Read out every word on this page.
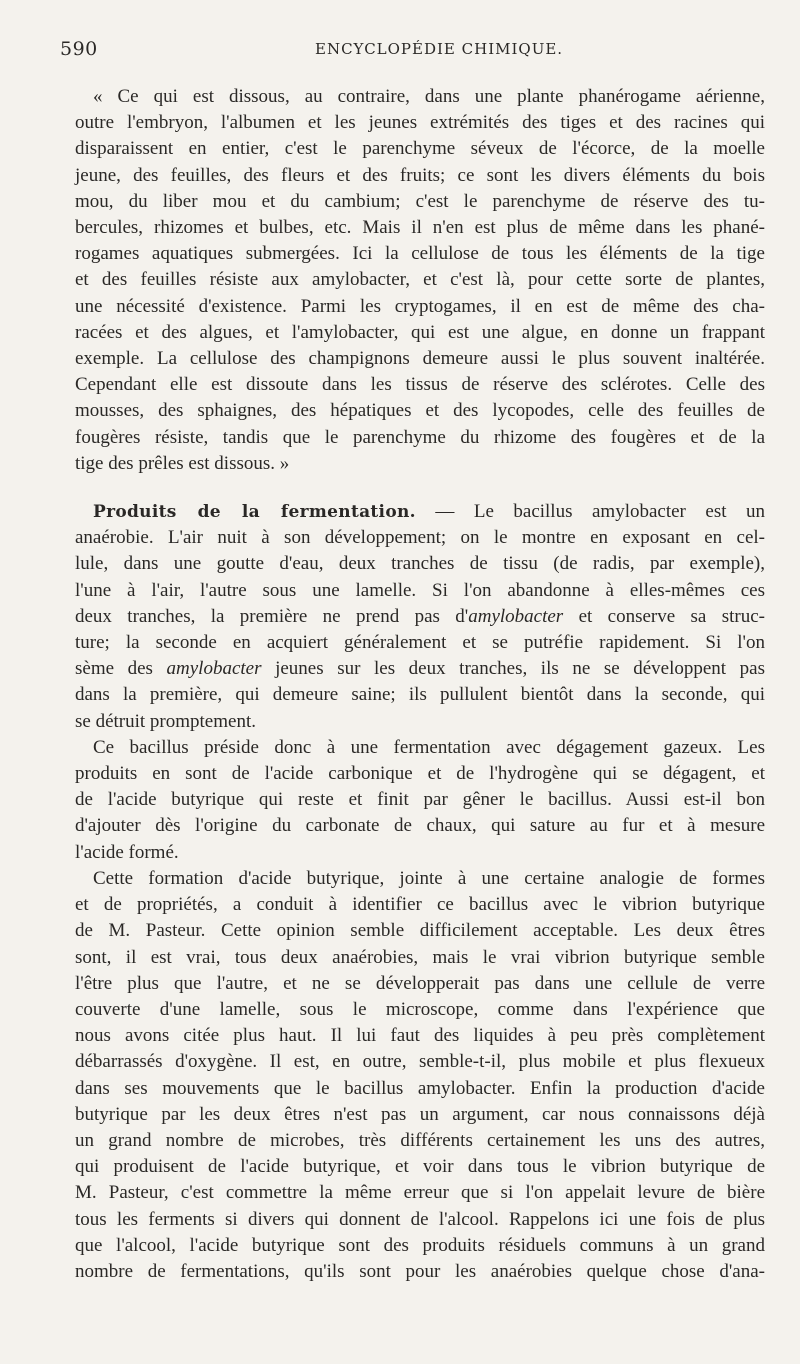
590	ENCYCLOPÉDIE CHIMIQUE.

« Ce qui est dissous, au contraire, dans une plante phanérogame aérienne,
outre l'embryon, l'albumen et les jeunes extrémités des tiges et des racines qui
disparaissent en entier, c'est le parenchyme séveux de l'écorce, de la moelle
jeune, des feuilles, des fleurs et des fruits; ce sont les divers éléments du bois
mou, du liber mou et du cambium; c'est le parenchyme de réserve des tu-
bercules, rhizomes et bulbes, etc. Mais il n'en est plus de même dans les phané-
rogames aquatiques submergées. Ici la cellulose de tous les éléments de la tige
et des feuilles résiste aux amylobacter, et c'est là, pour cette sorte de plantes,
une nécessité d'existence. Parmi les cryptogames, il en est de même des cha-
racées et des algues, et l'amylobacter, qui est une algue, en donne un frappant
exemple. La cellulose des champignons demeure aussi le plus souvent inaltérée.
Cependant elle est dissoute dans les tissus de réserve des sclérotes. Celle des
mousses, des sphaignes, des hépatiques et des lycopodes, celle des feuilles de
fougères résiste, tandis que le parenchyme du rhizome des fougères et de la
tige des prêles est dissous. »

Produits de la fermentation. — Le bacillus amylobacter est un
anaérobie. L'air nuit à son développement; on le montre en exposant en cel-
lule, dans une goutte d'eau, deux tranches de tissu (de radis, par exemple),
l'une à l'air, l'autre sous une lamelle. Si l'on abandonne à elles-mêmes ces
deux tranches, la première ne prend pas d'amylobacter et conserve sa struc-
ture; la seconde en acquiert généralement et se putréfie rapidement. Si l'on
sème des amylobacter jeunes sur les deux tranches, ils ne se développent pas
dans la première, qui demeure saine; ils pullulent bientôt dans la seconde, qui
se détruit promptement.

Ce bacillus préside donc à une fermentation avec dégagement gazeux. Les
produits en sont de l'acide carbonique et de l'hydrogène qui se dégagent, et
de l'acide butyrique qui reste et finit par gêner le bacillus. Aussi est-il bon
d'ajouter dès l'origine du carbonate de chaux, qui sature au fur et à mesure
l'acide formé.

Cette formation d'acide butyrique, jointe à une certaine analogie de formes
et de propriétés, a conduit à identifier ce bacillus avec le vibrion butyrique
de M. Pasteur. Cette opinion semble difficilement acceptable. Les deux êtres
sont, il est vrai, tous deux anaérobies, mais le vrai vibrion butyrique semble
l'être plus que l'autre, et ne se développerait pas dans une cellule de verre
couverte d'une lamelle, sous le microscope, comme dans l'expérience que
nous avons citée plus haut. Il lui faut des liquides à peu près complètement
débarrassés d'oxygène. Il est, en outre, semble-t-il, plus mobile et plus flexueux
dans ses mouvements que le bacillus amylobacter. Enfin la production d'acide
butyrique par les deux êtres n'est pas un argument, car nous connaissons déjà
un grand nombre de microbes, très différents certainement les uns des autres,
qui produisent de l'acide butyrique, et voir dans tous le vibrion butyrique de
M. Pasteur, c'est commettre la même erreur que si l'on appelait levure de bière
tous les ferments si divers qui donnent de l'alcool. Rappelons ici une fois de plus
que l'alcool, l'acide butyrique sont des produits résiduels communs à un grand
nombre de fermentations, qu'ils sont pour les anaérobies quelque chose d'ana-
